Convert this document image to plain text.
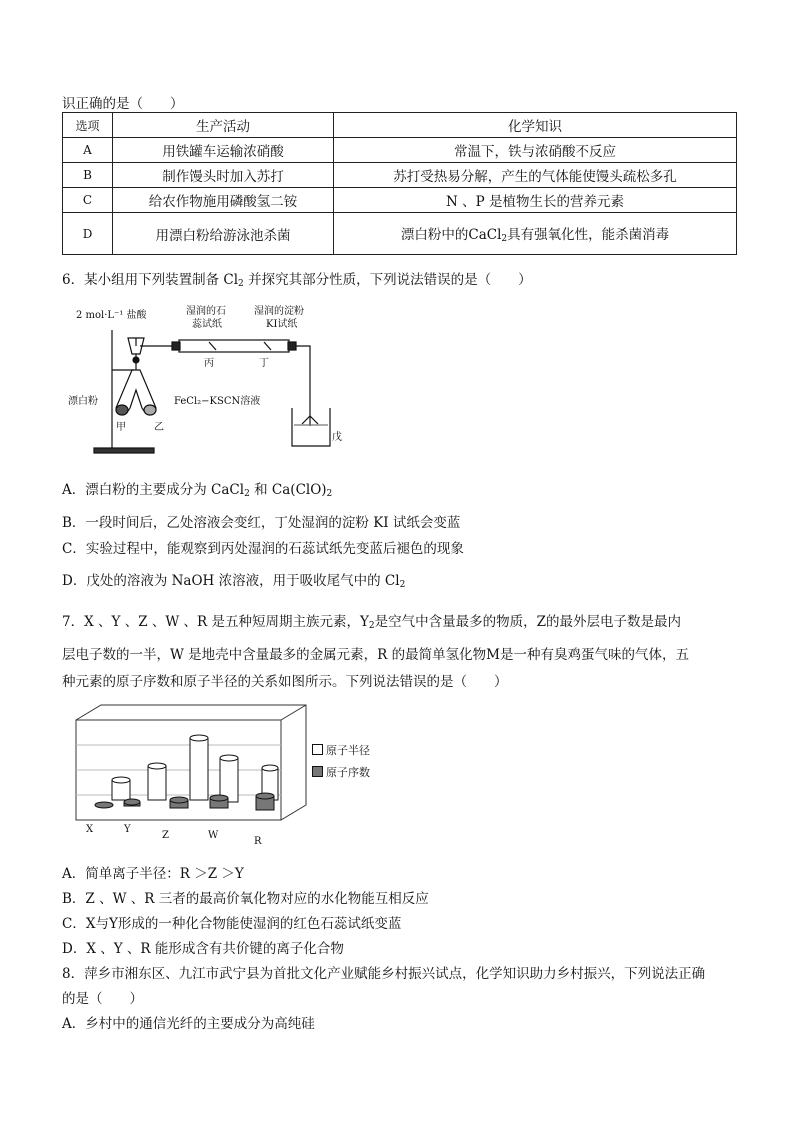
识正确的是（　　）
选项	生产活动	化学知识
A	用铁罐车运输浓硝酸	常温下，铁与浓硝酸不反应
B	制作馒头时加入苏打	苏打受热易分解，产生的气体能使馒头疏松多孔
C	给农作物施用磷酸氢二铵	N 、P 是植物生长的营养元素
D	用漂白粉给游泳池杀菌	漂白粉中的CaCl$_2$具有强氧化性，能杀菌消毒
6．某小组用下列装置制备 $Cl_2$ 并探究其部分性质，下列说法错误的是（　　）
2 mol·L⁻¹ 盐酸	湿润的石
蕊试纸
湿润的淀粉
KI试纸
丙	丁
漂白粉	FeCl₂−KSCN溶液
甲	乙
戊
A．漂白粉的主要成分为 CaCl$_2$ 和 $Ca(ClO)_2$
B．一段时间后，乙处溶液会变红，丁处湿润的淀粉 KI 试纸会变蓝
C．实验过程中，能观察到丙处湿润的石蕊试纸先变蓝后褪色的现象
D．戊处的溶液为 NaOH 浓溶液，用于吸收尾气中的 $Cl_2$
7．X 、Y 、Z 、W 、R 是五种短周期主族元素，$Y_2$是空气中含量最多的物质，Z的最外层电子数是最内
层电子数的一半，W 是地壳中含量最多的金属元素，R 的最简单氢化物M是一种有臭鸡蛋气味的气体，五
种元素的原子序数和原子半径的关系如图所示。下列说法错误的是（　　）
X	Y
Z	W
R
原子半径
原子序数
A．简单离子半径：R ＞Z ＞Y
B．Z 、W 、R 三者的最高价氧化物对应的水化物能互相反应
C．X与Y形成的一种化合物能使湿润的红色石蕊试纸变蓝
D．X 、Y 、R 能形成含有共价键的离子化合物
8．萍乡市湘东区、九江市武宁县为首批文化产业赋能乡村振兴试点，化学知识助力乡村振兴，下列说法正确
的是（　　）
A．乡村中的通信光纤的主要成分为高纯硅
